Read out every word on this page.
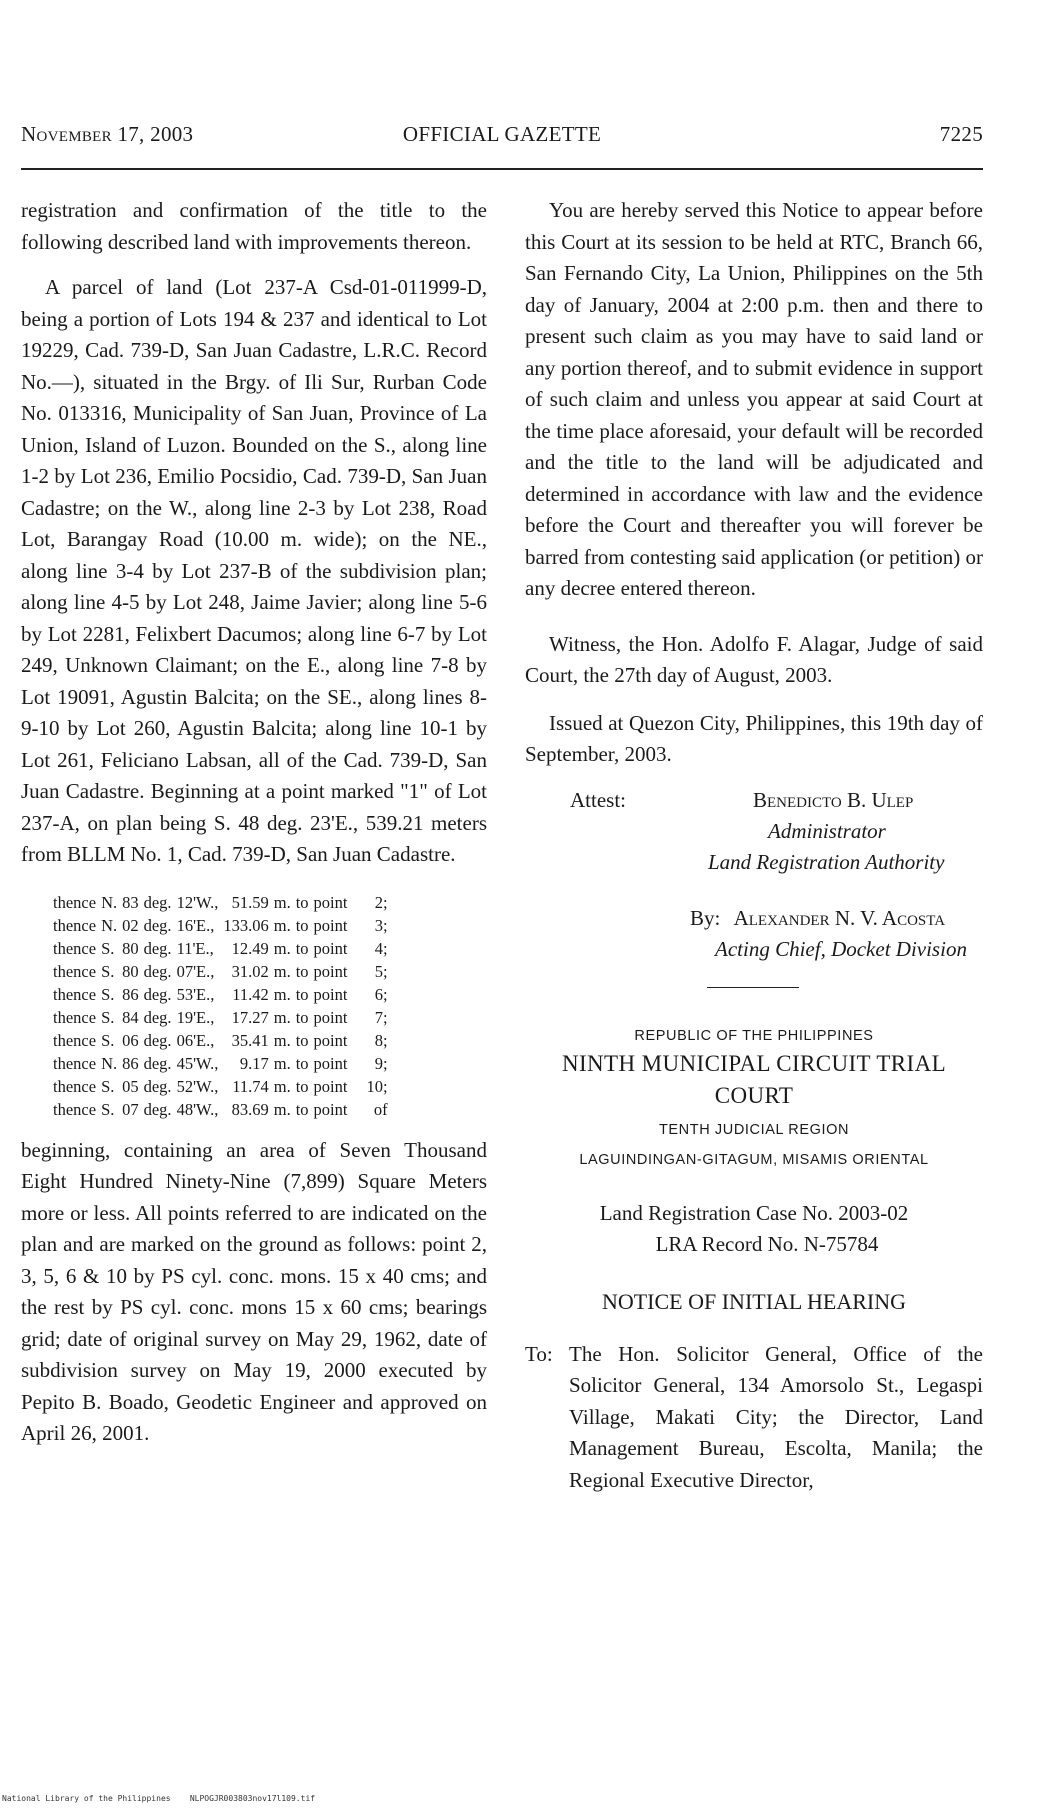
November 17, 2003	OFFICIAL GAZETTE	7225

registration and confirmation of the title to the following described land with improvements thereon.

A parcel of land (Lot 237-A Csd-01-011999-D, being a portion of Lots 194 & 237 and identical to Lot 19229, Cad. 739-D, San Juan Cadastre, L.R.C. Record No.—), situated in the Brgy. of Ili Sur, Rurban Code No. 013316, Municipality of San Juan, Province of La Union, Island of Luzon. Bounded on the S., along line 1-2 by Lot 236, Emilio Pocsidio, Cad. 739-D, San Juan Cadastre; on the W., along line 2-3 by Lot 238, Road Lot, Barangay Road (10.00 m. wide); on the NE., along line 3-4 by Lot 237-B of the subdivision plan; along line 4-5 by Lot 248, Jaime Javier; along line 5-6 by Lot 2281, Felixbert Dacumos; along line 6-7 by Lot 249, Unknown Claimant; on the E., along line 7-8 by Lot 19091, Agustin Balcita; on the SE., along lines 8-9-10 by Lot 260, Agustin Balcita; along line 10-1 by Lot 261, Feliciano Labsan, all of the Cad. 739-D, San Juan Cadastre. Beginning at a point marked "1" of Lot 237-A, on plan being S. 48 deg. 23'E., 539.21 meters from BLLM No. 1, Cad. 739-D, San Juan Cadastre.

thence	N.	83	deg.	12'W.,	51.59	m.	to	point	2;
thence	N.	02	deg.	16'E.,	133.06	m.	to	point	3;
thence	S.	80	deg.	11'E.,	12.49	m.	to	point	4;
thence	S.	80	deg.	07'E.,	31.02	m.	to	point	5;
thence	S.	86	deg.	53'E.,	11.42	m.	to	point	6;
thence	S.	84	deg.	19'E.,	17.27	m.	to	point	7;
thence	S.	06	deg.	06'E.,	35.41	m.	to	point	8;
thence	N.	86	deg.	45'W.,	9.17	m.	to	point	9;
thence	S.	05	deg.	52'W.,	11.74	m.	to	point	10;
thence	S.	07	deg.	48'W.,	83.69	m.	to	point	of

beginning, containing an area of Seven Thousand Eight Hundred Ninety-Nine (7,899) Square Meters more or less. All points referred to are indicated on the plan and are marked on the ground as follows: point 2, 3, 5, 6 & 10 by PS cyl. conc. mons. 15 x 40 cms; and the rest by PS cyl. conc. mons 15 x 60 cms; bearings grid; date of original survey on May 29, 1962, date of subdivision survey on May 19, 2000 executed by Pepito B. Boado, Geodetic Engineer and approved on April 26, 2001.

You are hereby served this Notice to appear before this Court at its session to be held at RTC, Branch 66, San Fernando City, La Union, Philippines on the 5th day of January, 2004 at 2:00 p.m. then and there to present such claim as you may have to said land or any portion thereof, and to submit evidence in support of such claim and unless you appear at said Court at the time place aforesaid, your default will be recorded and the title to the land will be adjudicated and determined in accordance with law and the evidence before the Court and thereafter you will forever be barred from contesting said application (or petition) or any decree entered thereon.

Witness, the Hon. Adolfo F. Alagar, Judge of said Court, the 27th day of August, 2003.

Issued at Quezon City, Philippines, this 19th day of September, 2003.

Attest:	Benedicto B. Ulep
Administrator
Land Registration Authority
By: Alexander N. V. Acosta
Acting Chief, Docket Division
REPUBLIC OF THE PHILIPPINES
NINTH MUNICIPAL CIRCUIT TRIAL
COURT
TENTH JUDICIAL REGION
LAGUINDINGAN-GITAGUM, MISAMIS ORIENTAL
Land Registration Case No. 2003-02
LRA Record No. N-75784
NOTICE OF INITIAL HEARING
To: The Hon. Solicitor General, Office of the Solicitor General, 134 Amorsolo St., Legaspi Village, Makati City; the Director, Land Management Bureau, Escolta, Manila; the Regional Executive Director,
National Library of the Philippines NLPOGJR003803nov17l109.tif
